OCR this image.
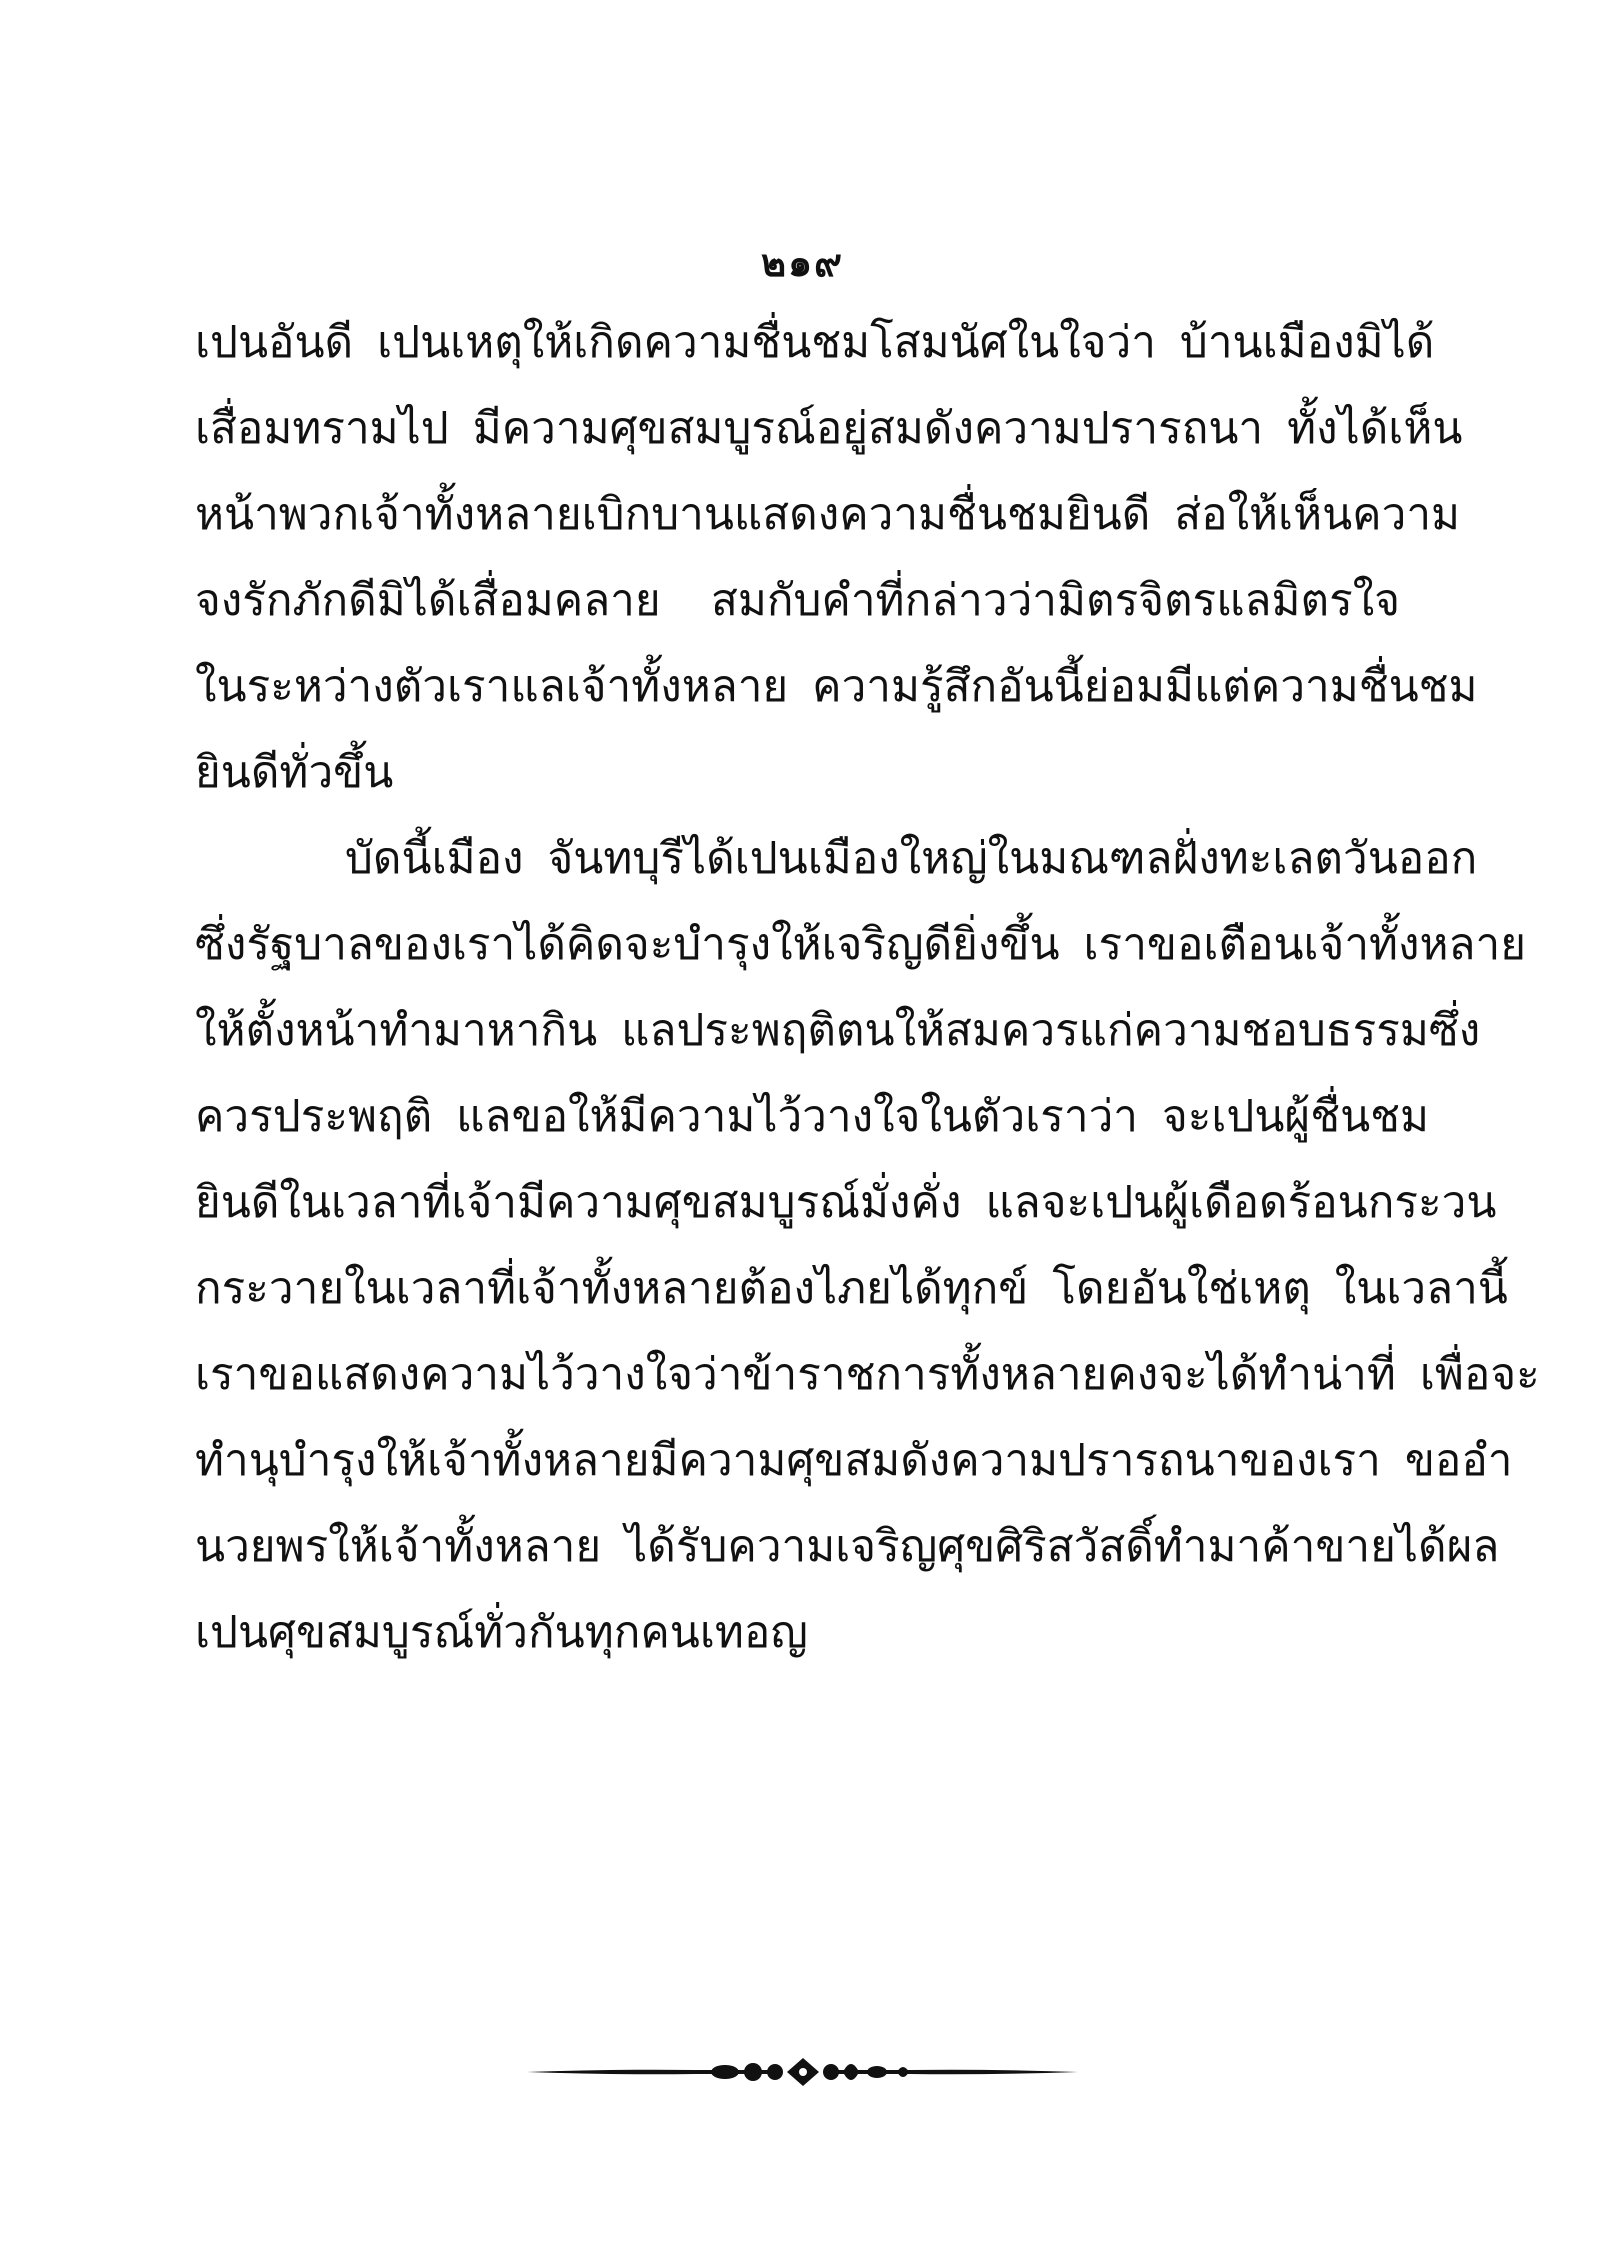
๒๑๙
เปนอันดี เปนเหตุให้เกิดความชื่นชมโสมนัศในใจว่า บ้านเมืองมิได้
เสื่อมทรามไป มีความศุขสมบูรณ์อยู่สมดังความปรารถนา ทั้งได้เห็น
หน้าพวกเจ้าทั้งหลายเบิกบานแสดงความชื่นชมยินดี ส่อให้เห็นความ
จงรักภักดีมิได้เสื่อมคลาย สมกับคำที่กล่าวว่ามิตรจิตรแลมิตรใจ
ในระหว่างตัวเราแลเจ้าทั้งหลาย ความรู้สึกอันนี้ย่อมมีแต่ความชื่นชม
ยินดีทั่วขึ้น
บัดนี้เมือง จันทบุรีได้เปนเมืองใหญ่ในมณฑลฝั่งทะเลตวันออก
ซึ่งรัฐบาลของเราได้คิดจะบำรุงให้เจริญดียิ่งขึ้น เราขอเตือนเจ้าทั้งหลาย
ให้ตั้งหน้าทำมาหากิน แลประพฤติตนให้สมควรแก่ความชอบธรรมซึ่ง
ควรประพฤติ แลขอให้มีความไว้วางใจในตัวเราว่า จะเปนผู้ชื่นชม
ยินดีในเวลาที่เจ้ามีความศุขสมบูรณ์มั่งคั่ง แลจะเปนผู้เดือดร้อนกระวน
กระวายในเวลาที่เจ้าทั้งหลายต้องไภยได้ทุกข์ โดยอันใช่เหตุ ในเวลานี้
เราขอแสดงความไว้วางใจว่าข้าราชการทั้งหลายคงจะได้ทำน่าที่ เพื่อจะ
ทำนุบำรุงให้เจ้าทั้งหลายมีความศุขสมดังความปรารถนาของเรา ขออำ
นวยพรให้เจ้าทั้งหลาย ได้รับความเจริญศุขศิริสวัสดิ์ทำมาค้าขายได้ผล
เปนศุขสมบูรณ์ทั่วกันทุกคนเทอญ
